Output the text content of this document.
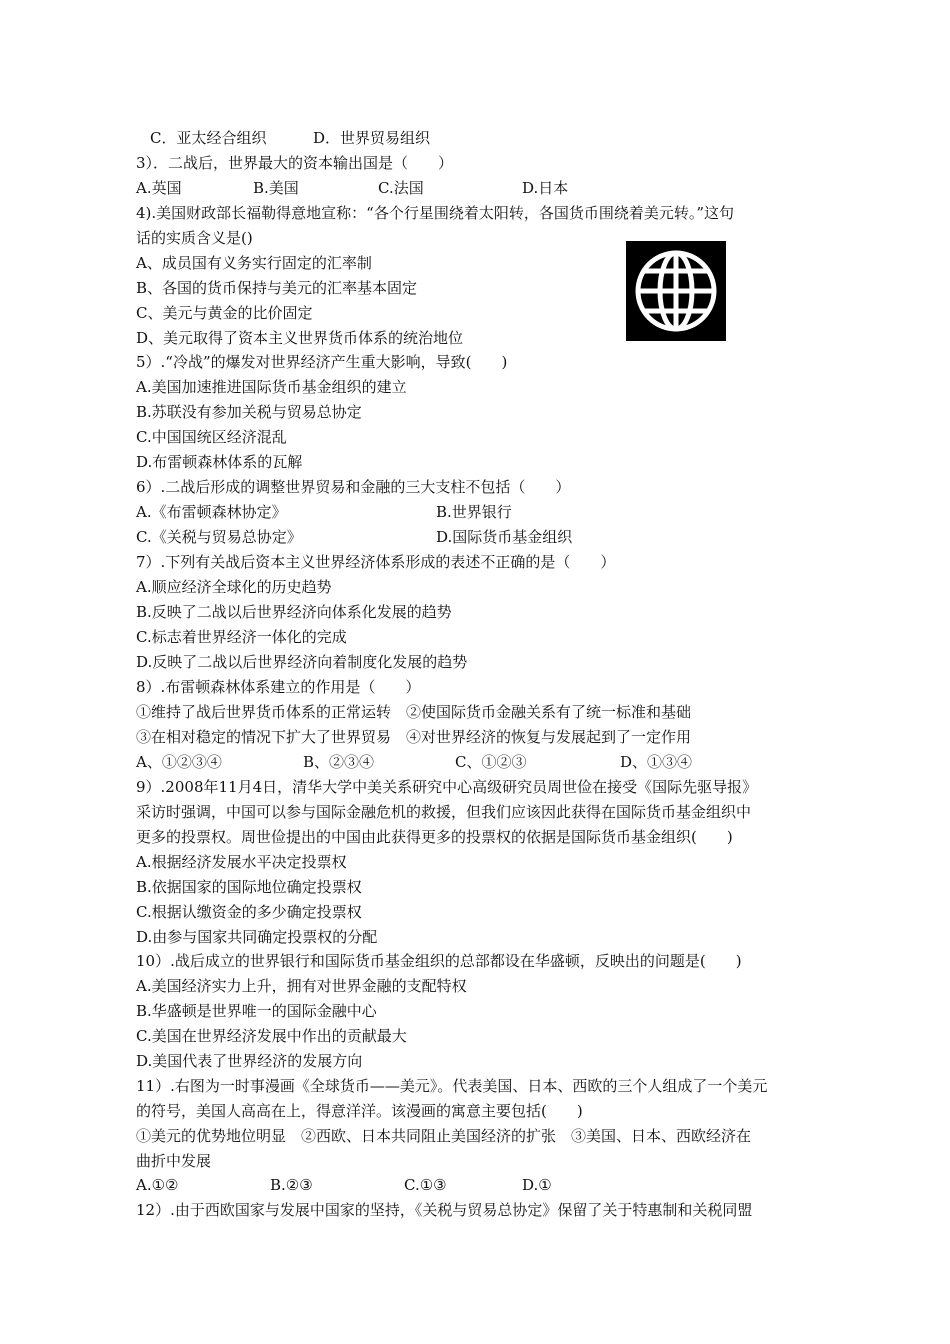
C．亚太经合组织	D．世界贸易组织

3）．二战后，世界最大的资本输出国是（　　）

A.英国	B.美国	C.法国	D.日本

4).美国财政部长福勒得意地宣称：“各个行星围绕着太阳转，各国货币围绕着美元转。”这句

话的实质含义是()

A、成员国有义务实行固定的汇率制

B、各国的货币保持与美元的汇率基本固定

C、美元与黄金的比价固定

D、美元取得了资本主义世界货币体系的统治地位

5）.“冷战”的爆发对世界经济产生重大影响，导致(　　)

A.美国加速推进国际货币基金组织的建立

B.苏联没有参加关税与贸易总协定

C.中国国统区经济混乱

D.布雷顿森林体系的瓦解

6）.二战后形成的调整世界贸易和金融的三大支柱不包括（　　）

A.《布雷顿森林协定》	B.世界银行
C.《关税与贸易总协定》	D.国际货币基金组织

7）.下列有关战后资本主义世界经济体系形成的表述不正确的是（　　）

A.顺应经济全球化的历史趋势

B.反映了二战以后世界经济向体系化发展的趋势

C.标志着世界经济一体化的完成

D.反映了二战以后世界经济向着制度化发展的趋势

8）.布雷顿森林体系建立的作用是（　　）

①维持了战后世界货币体系的正常运转　②使国际货币金融关系有了统一标准和基础

③在相对稳定的情况下扩大了世界贸易　④对世界经济的恢复与发展起到了一定作用

A、①②③④	B、②③④	C、①②③	D、①③④

9）.2008年11月4日，清华大学中美关系研究中心高级研究员周世俭在接受《国际先驱导报》

采访时强调，中国可以参与国际金融危机的救援，但我们应该因此获得在国际货币基金组织中

更多的投票权。周世俭提出的中国由此获得更多的投票权的依据是国际货币基金组织(　　)

A.根据经济发展水平决定投票权

B.依据国家的国际地位确定投票权

C.根据认缴资金的多少确定投票权

D.由参与国家共同确定投票权的分配

10）.战后成立的世界银行和国际货币基金组织的总部都设在华盛顿，反映出的问题是(　　)

A.美国经济实力上升，拥有对世界金融的支配特权

B.华盛顿是世界唯一的国际金融中心

C.美国在世界经济发展中作出的贡献最大

D.美国代表了世界经济的发展方向

11）.右图为一时事漫画《全球货币——美元》。代表美国、日本、西欧的三个人组成了一个美元

的符号，美国人高高在上，得意洋洋。该漫画的寓意主要包括(　　)

①美元的优势地位明显　②西欧、日本共同阻止美国经济的扩张　③美国、日本、西欧经济在

曲折中发展

A.①②	B.②③	C.①③	D.①

12）.由于西欧国家与发展中国家的坚持，《关税与贸易总协定》保留了关于特惠制和关税同盟
